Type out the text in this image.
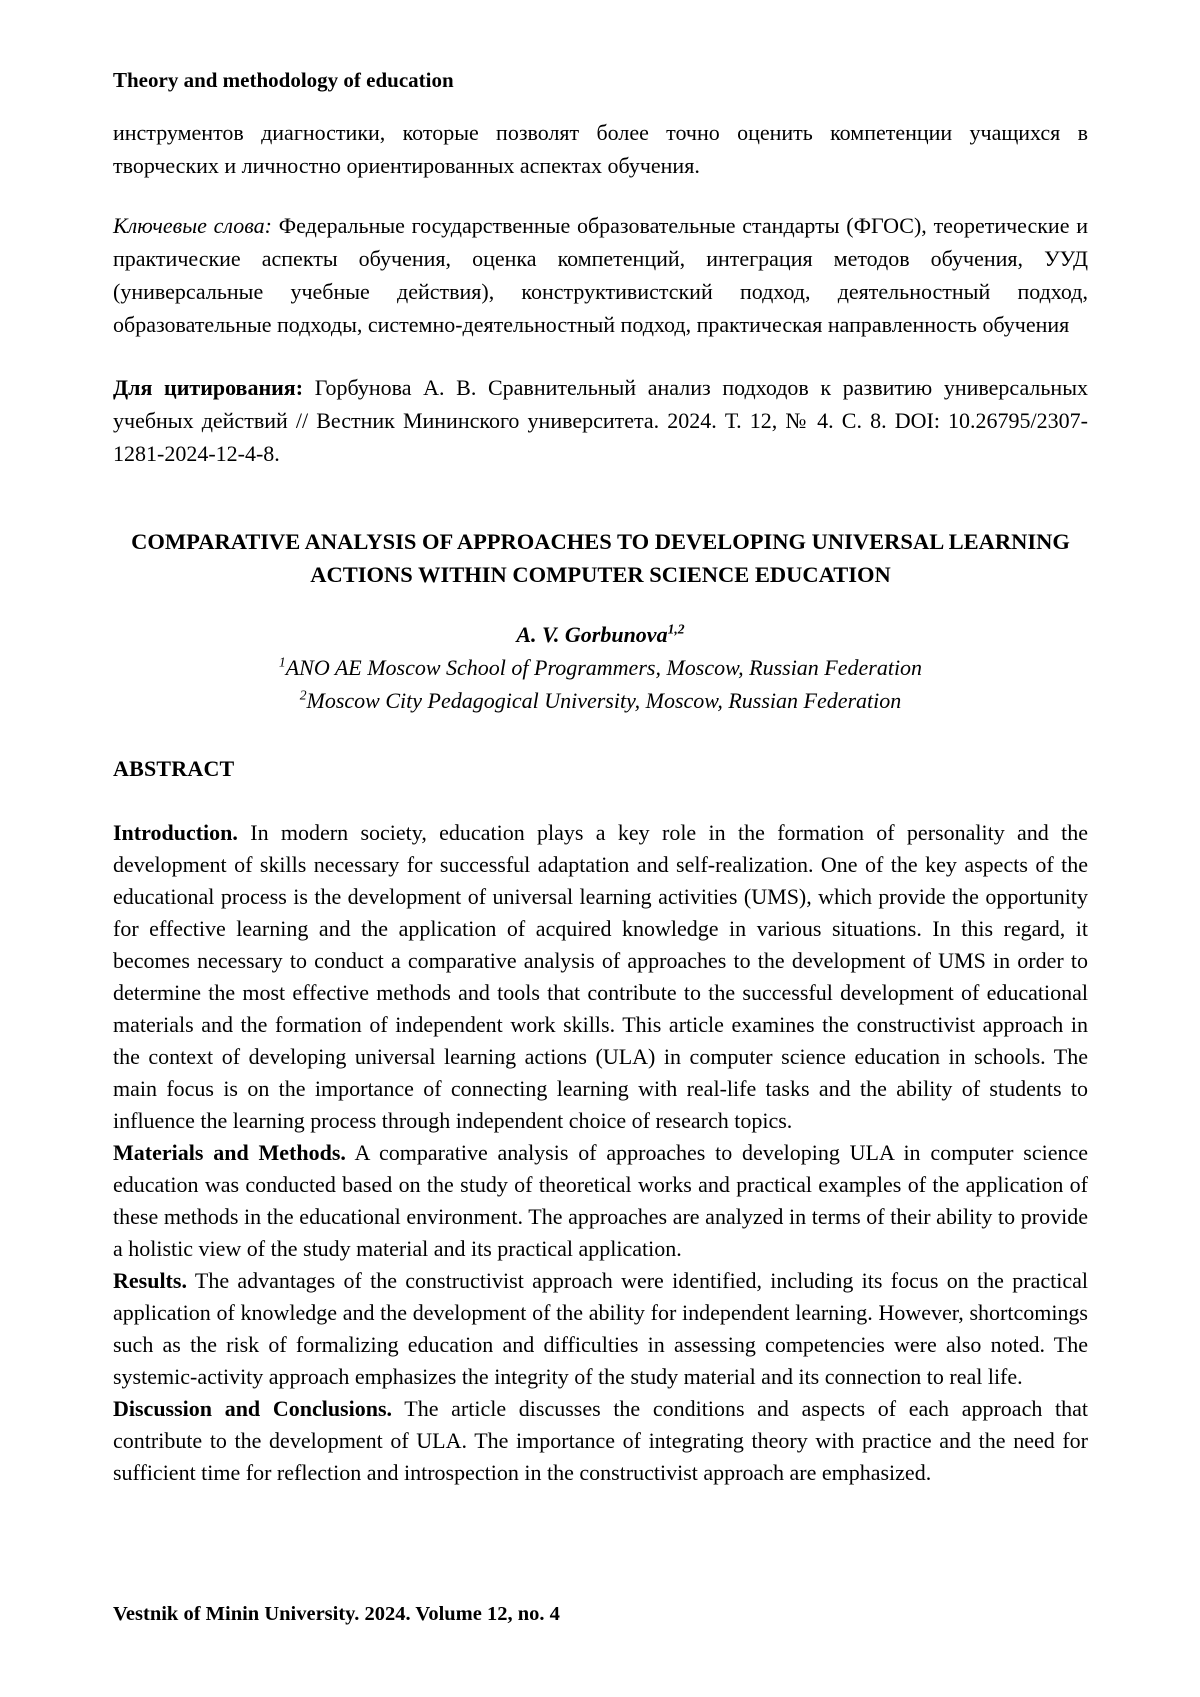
Theory and methodology of education

инструментов диагностики, которые позволят более точно оценить компетенции учащихся в творческих и личностно ориентированных аспектах обучения.

Ключевые слова: Федеральные государственные образовательные стандарты (ФГОС), теоретические и практические аспекты обучения, оценка компетенций, интеграция методов обучения, УУД (универсальные учебные действия), конструктивистский подход, деятельностный подход, образовательные подходы, системно-деятельностный подход, практическая направленность обучения

Для цитирования: Горбунова А. В. Сравнительный анализ подходов к развитию универсальных учебных действий // Вестник Мининского университета. 2024. Т. 12, № 4. С. 8. DOI: 10.26795/2307-1281-2024-12-4-8.

COMPARATIVE ANALYSIS OF APPROACHES TO DEVELOPING UNIVERSAL LEARNING ACTIONS WITHIN COMPUTER SCIENCE EDUCATION
A. V. Gorbunova$^{1,2}$
$^1$ANO AE Moscow School of Programmers, Moscow, Russian Federation
$^2$Moscow City Pedagogical University, Moscow, Russian Federation
ABSTRACT

Introduction. In modern society, education plays a key role in the formation of personality and the development of skills necessary for successful adaptation and self-realization. One of the key aspects of the educational process is the development of universal learning activities (UMS), which provide the opportunity for effective learning and the application of acquired knowledge in various situations. In this regard, it becomes necessary to conduct a comparative analysis of approaches to the development of UMS in order to determine the most effective methods and tools that contribute to the successful development of educational materials and the formation of independent work skills. This article examines the constructivist approach in the context of developing universal learning actions (ULA) in computer science education in schools. The main focus is on the importance of connecting learning with real-life tasks and the ability of students to influence the learning process through independent choice of research topics.

Materials and Methods. A comparative analysis of approaches to developing ULA in computer science education was conducted based on the study of theoretical works and practical examples of the application of these methods in the educational environment. The approaches are analyzed in terms of their ability to provide a holistic view of the study material and its practical application.

Results. The advantages of the constructivist approach were identified, including its focus on the practical application of knowledge and the development of the ability for independent learning. However, shortcomings such as the risk of formalizing education and difficulties in assessing competencies were also noted. The systemic-activity approach emphasizes the integrity of the study material and its connection to real life.

Discussion and Conclusions. The article discusses the conditions and aspects of each approach that contribute to the development of ULA. The importance of integrating theory with practice and the need for sufficient time for reflection and introspection in the constructivist approach are emphasized.

Vestnik of Minin University. 2024. Volume 12, no. 4
